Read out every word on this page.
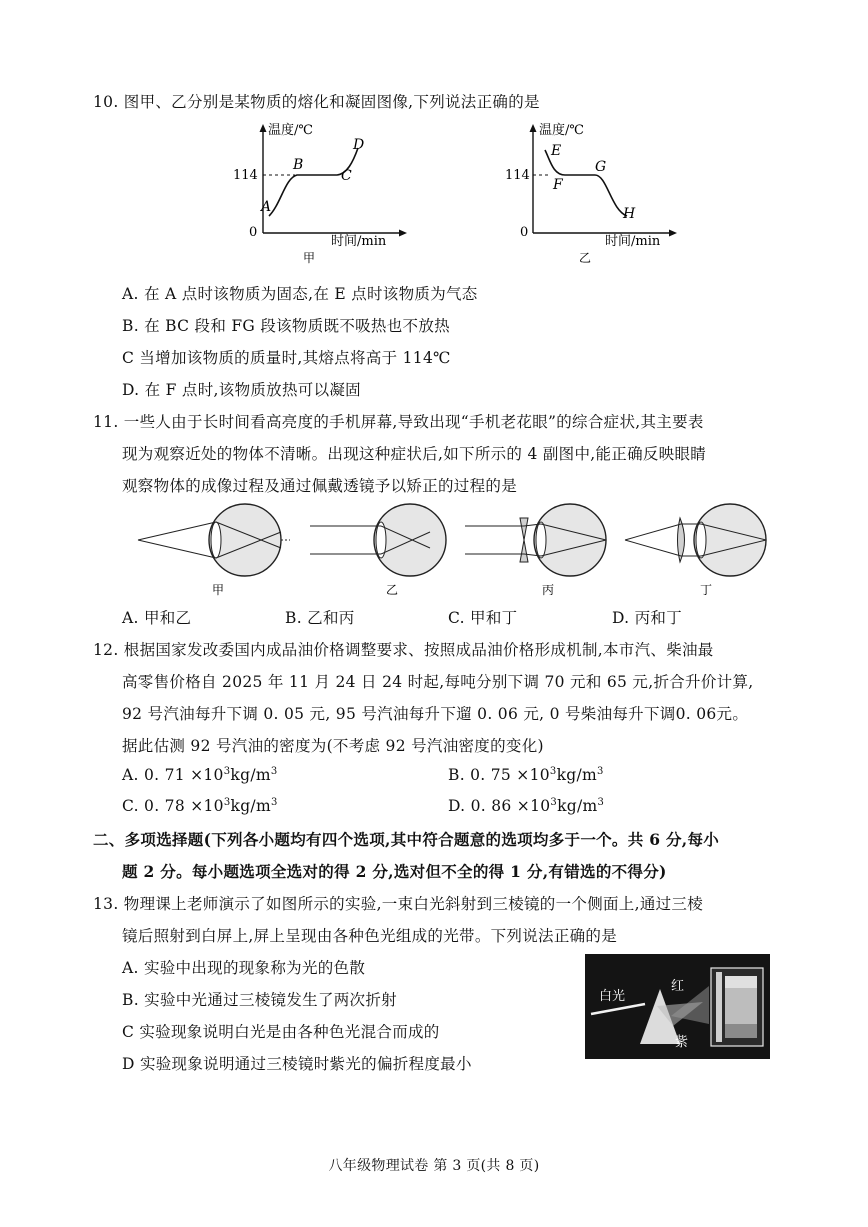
10. 图甲、乙分别是某物质的熔化和凝固图像,下列说法正确的是
温度/℃
114
0
时间/min
A
B
C
D
甲
温度/℃
114
0
时间/min
E
F
G
H
乙
A. 在 A 点时该物质为固态,在 E 点时该物质为气态
B. 在 BC 段和 FG 段该物质既不吸热也不放热
C 当增加该物质的质量时,其熔点将高于 114℃
D. 在 F 点时,该物质放热可以凝固
11. 一些人由于长时间看高亮度的手机屏幕,导致出现“手机老花眼”的综合症状,其主要表
现为观察近处的物体不清晰。出现这种症状后,如下所示的 4 副图中,能正确反映眼睛
观察物体的成像过程及通过佩戴透镜予以矫正的过程的是
甲	乙	丙	丁
A. 甲和乙	B. 乙和丙	C. 甲和丁	D. 丙和丁
12. 根据国家发改委国内成品油价格调整要求、按照成品油价格形成机制,本市汽、柴油最
高零售价格自 2025 年 11 月 24 日 24 时起,每吨分别下调 70 元和 65 元,折合升价计算,
92 号汽油每升下调 0. 05 元, 95 号汽油每升下遛 0. 06 元, 0 号柴油每升下调0. 06元。
据此估测 92 号汽油的密度为(不考虑 92 号汽油密度的变化)
A. 0. $71 \times 10^3kg/m^3$	B. 0. $75 \times 10^3kg/m^3$
C. 0. $78 \times 10^3kg/m^3$	D. 0. $86 \times 10^3kg/m^3$
二、多项选择题(下列各小题均有四个选项,其中符合题意的选项均多于一个。共 6 分,每小
题 2 分。每小题选项全选对的得 2 分,选对但不全的得 1 分,有错选的不得分)
13. 物理课上老师演示了如图所示的实验,一束白光斜射到三棱镜的一个侧面上,通过三棱
镜后照射到白屏上,屏上呈现由各种色光组成的光带。下列说法正确的是
A. 实验中出现的现象称为光的色散
B. 实验中光通过三棱镜发生了两次折射
C 实验现象说明白光是由各种色光混合而成的
D 实验现象说明通过三棱镜时紫光的偏折程度最小
白光
红
紫
八年级物理试卷 第 3 页(共 8 页)
